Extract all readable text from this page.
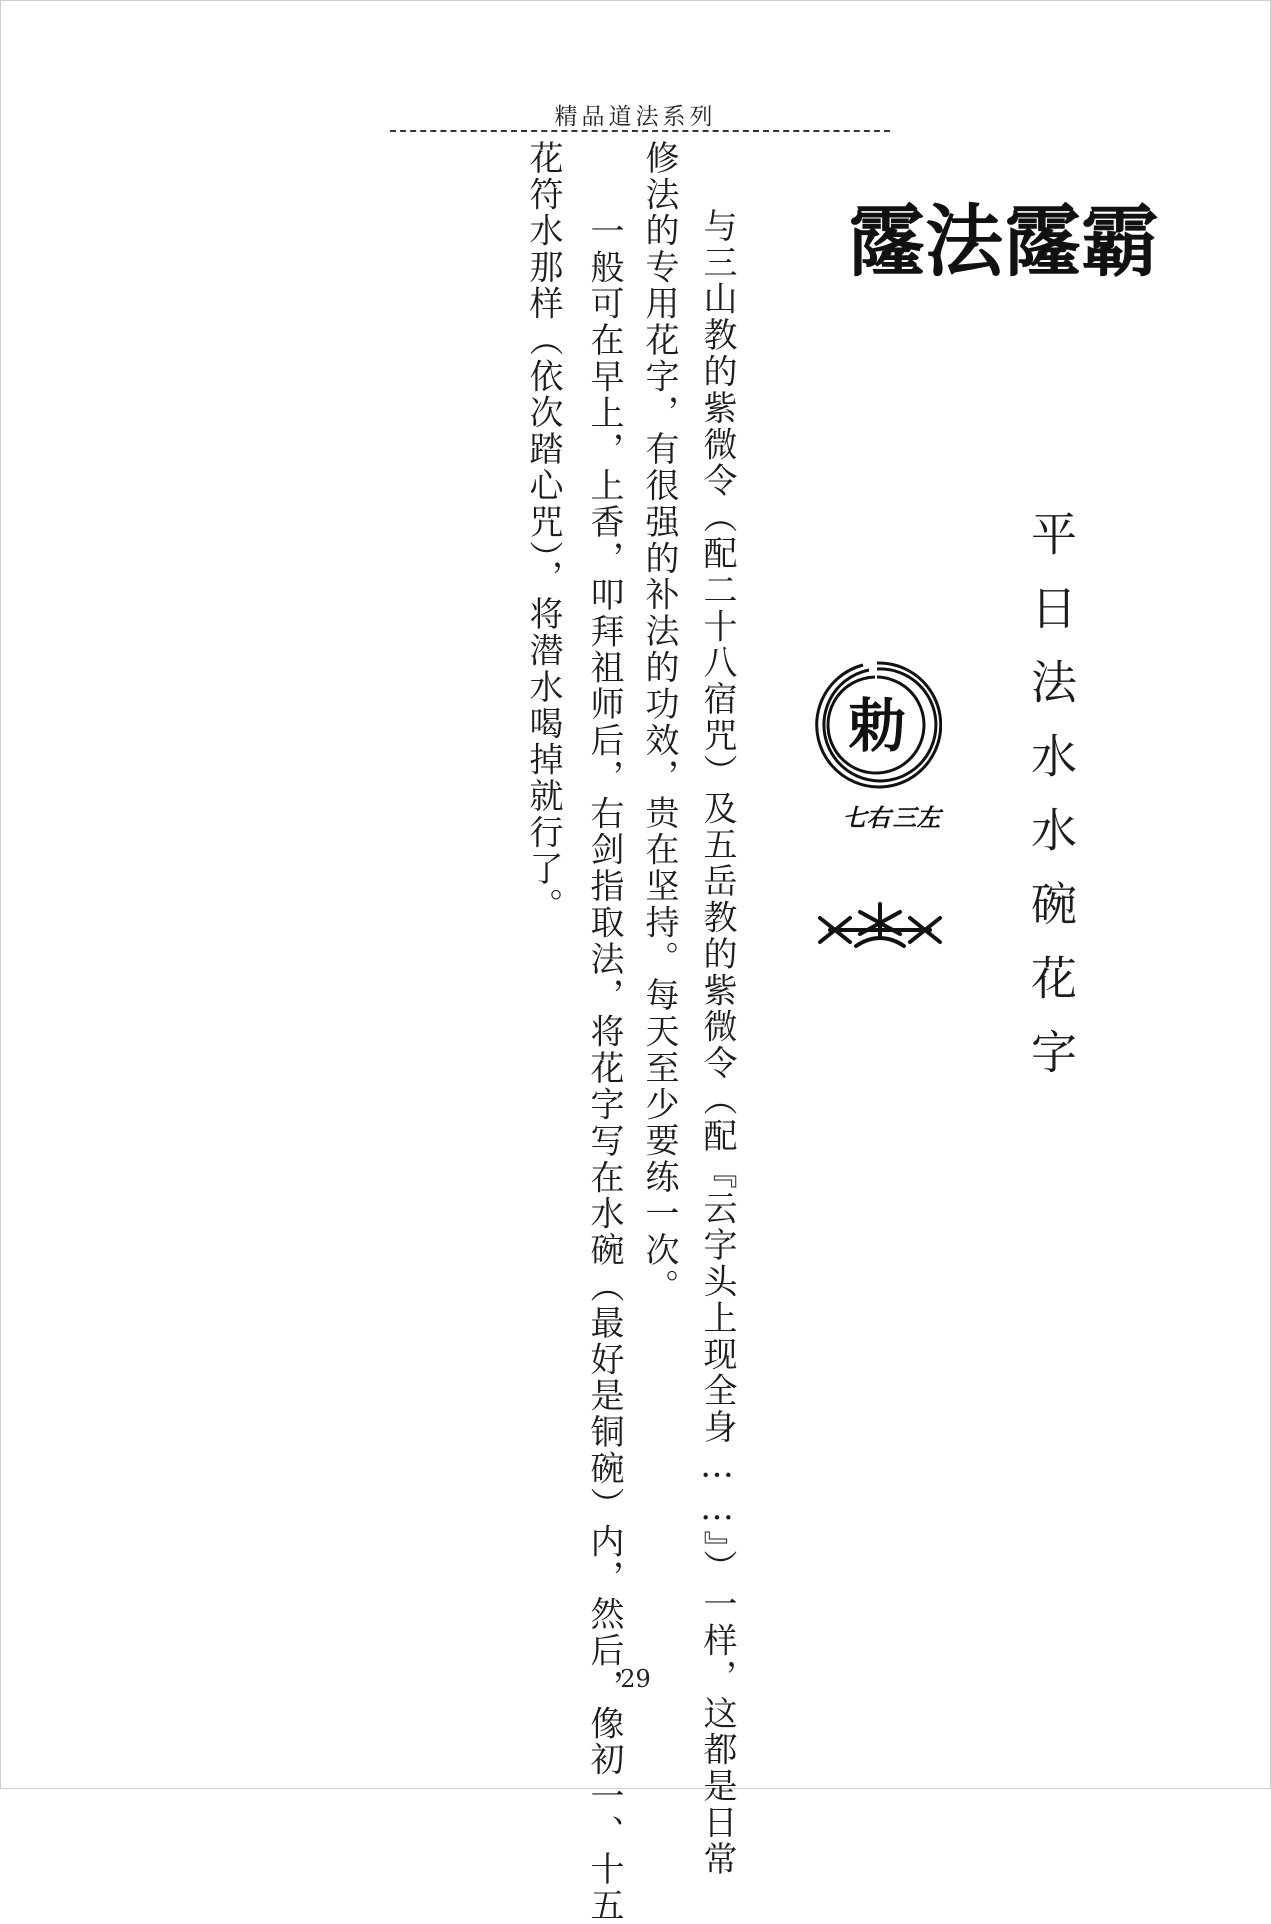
精品道法系列
平日法水水碗花字
霸霳法霳
勅
左三
右七
与三山教的紫微令（配二十八宿咒）及五岳教的紫微令（配『云字头上现全身……』）一样，这都是日常
修法的专用花字，有很强的补法的功效，贵在坚持。每天至少要练一次。
一般可在早上，上香，叩拜祖师后，右剑指取法，将花字写在水碗（最好是铜碗）内，然后，像初一、十五
花符水那样（依次踏心咒），将潜水喝掉就行了。
29
